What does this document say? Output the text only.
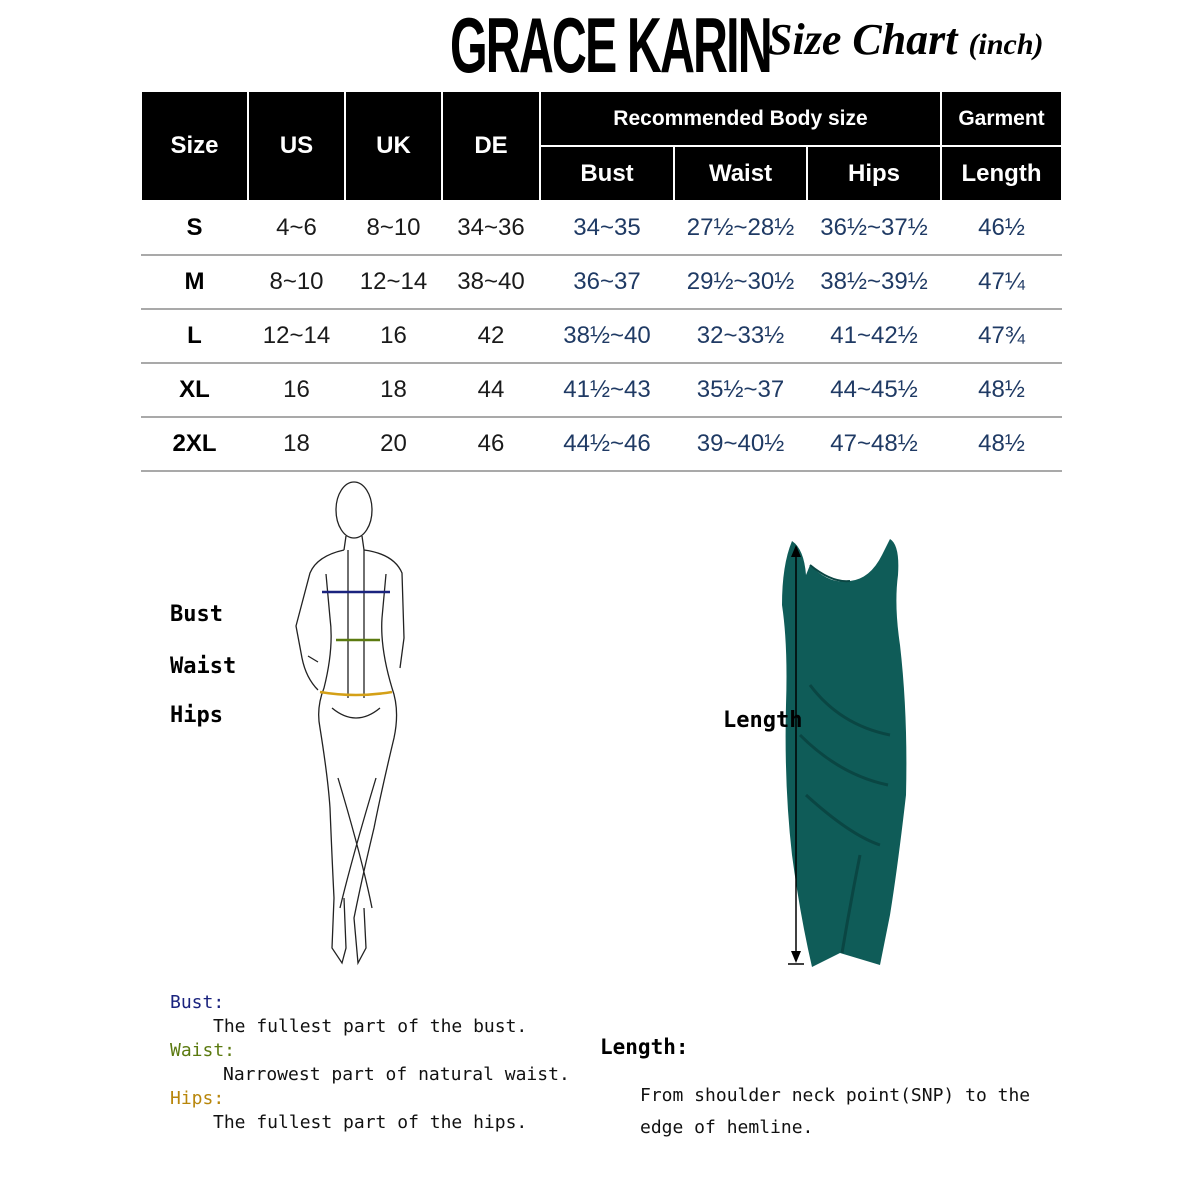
GRACE KARIN
Size Chart (inch)
Size	US	UK	DE	Recommended Body size			Garment
				Bust	Waist	Hips	Length
S	4~6	8~10	34~36	34~35	27½~28½	36½~37½	46½
M	8~10	12~14	38~40	36~37	29½~30½	38½~39½	47¼
L	12~14	16	42	38½~40	32~33½	41~42½	47¾
XL	16	18	44	41½~43	35½~37	44~45½	48½
2XL	18	20	46	44½~46	39~40½	47~48½	48½
Bust
Waist
Hips	Length
Bust:
The fullest part of the bust.
Waist:
Narrowest part of natural waist.
Hips:
The fullest part of the hips.
Length:
From shoulder neck point(SNP) to the
edge of hemline.
